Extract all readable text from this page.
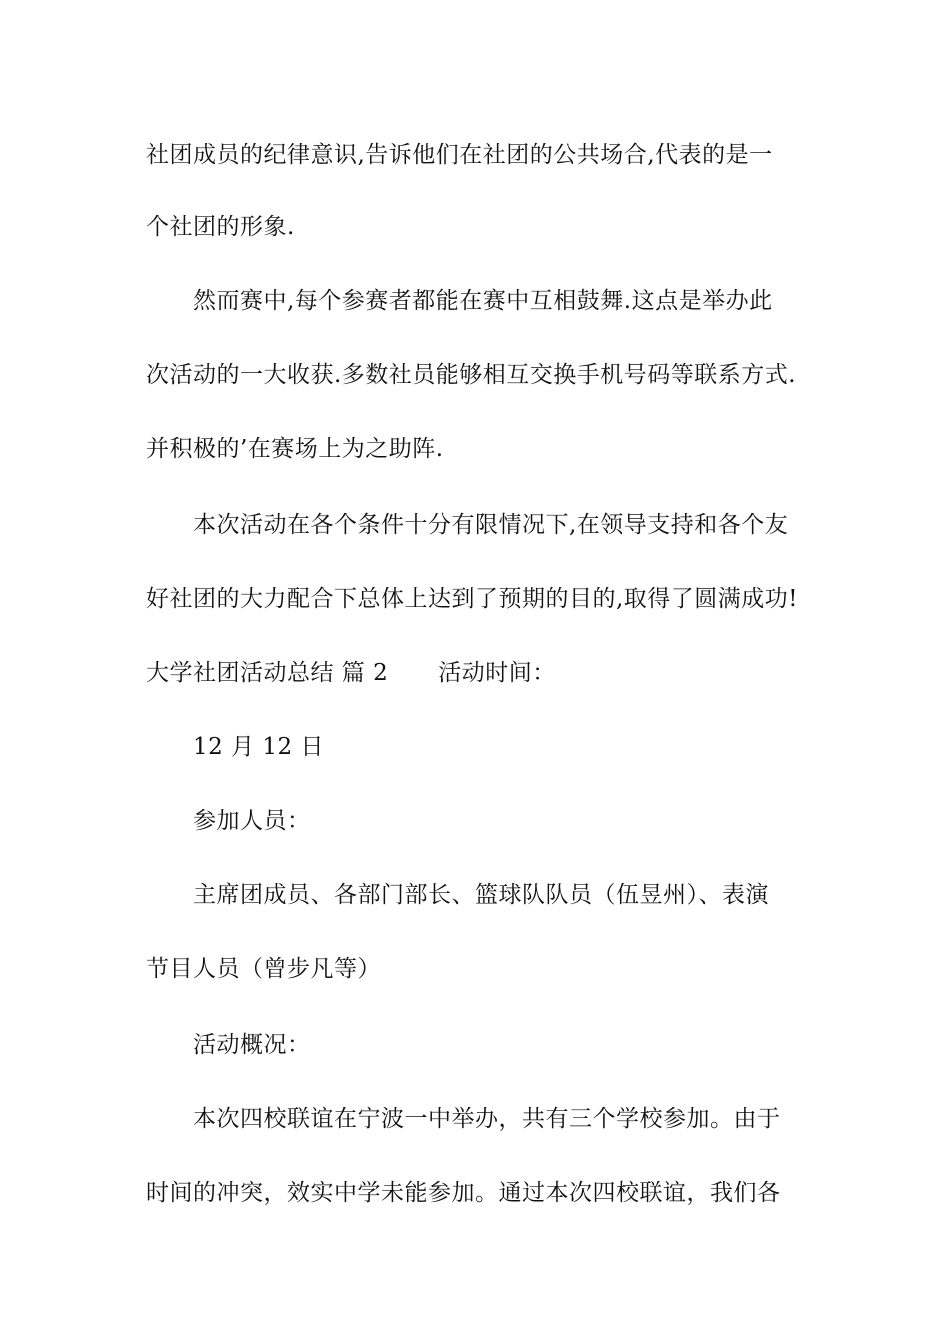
社团成员的纪律意识,告诉他们在社团的公共场合,代表的是一
个社团的形象.
然而赛中,每个参赛者都能在赛中互相鼓舞.这点是举办此
次活动的一大收获.多数社员能够相互交换手机号码等联系方式.
并积极的’在赛场上为之助阵.
本次活动在各个条件十分有限情况下,在领导支持和各个友
好社团的大力配合下总体上达到了预期的目的,取得了圆满成功!
大学社团活动总结 篇 2 活动时间：
12 月 12 日
参加人员：
主席团成员、各部门部长、篮球队队员（伍昱州）、表演
节目人员（曾步凡等）
活动概况：
本次四校联谊在宁波一中举办，共有三个学校参加。由于
时间的冲突，效实中学未能参加。通过本次四校联谊，我们各
